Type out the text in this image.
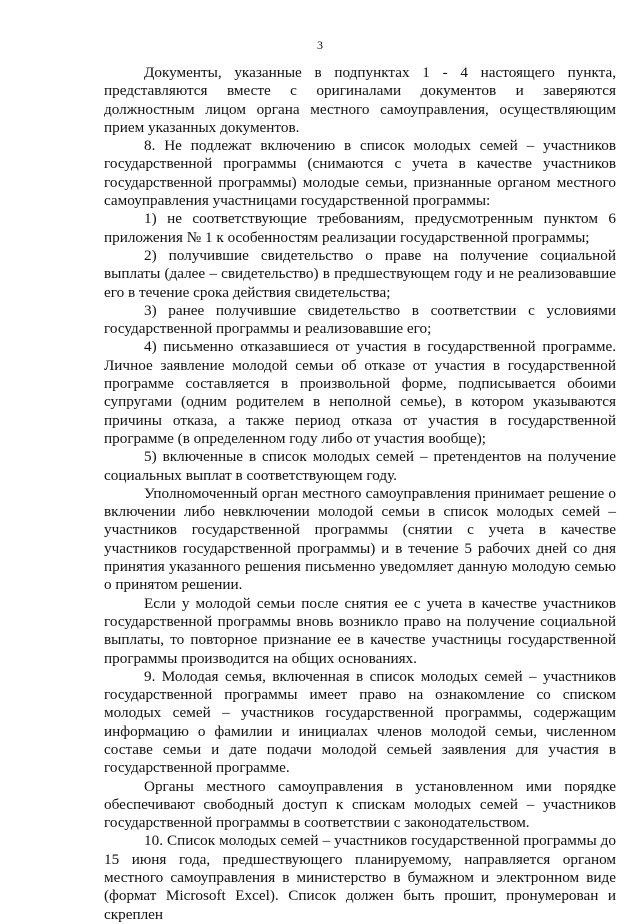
3

Документы, указанные в подпунктах 1 - 4 настоящего пункта, представляются вместе с оригиналами документов и заверяются должностным лицом органа местного самоуправления, осуществляющим прием указанных документов.

8. Не подлежат включению в список молодых семей – участников государственной программы (снимаются с учета в качестве участников государственной программы) молодые семьи, признанные органом местного самоуправления участницами государственной программы:

1) не соответствующие требованиям, предусмотренным пунктом 6 приложения № 1 к особенностям реализации государственной программы;

2) получившие свидетельство о праве на получение социальной выплаты (далее – свидетельство) в предшествующем году и не реализовавшие его в течение срока действия свидетельства;

3) ранее получившие свидетельство в соответствии с условиями государственной программы и реализовавшие его;

4) письменно отказавшиеся от участия в государственной программе. Личное заявление молодой семьи об отказе от участия в государственной программе составляется в произвольной форме, подписывается обоими супругами (одним родителем в неполной семье), в котором указываются причины отказа, а также период отказа от участия в государственной программе (в определенном году либо от участия вообще);

5) включенные в список молодых семей – претендентов на получение социальных выплат в соответствующем году.

Уполномоченный орган местного самоуправления принимает решение о включении либо невключении молодой семьи в список молодых семей – участников государственной программы (снятии с учета в качестве участников государственной программы) и в течение 5 рабочих дней со дня принятия указанного решения письменно уведомляет данную молодую семью о принятом решении.

Если у молодой семьи после снятия ее с учета в качестве участников государственной программы вновь возникло право на получение социальной выплаты, то повторное признание ее в качестве участницы государственной программы производится на общих основаниях.

9. Молодая семья, включенная в список молодых семей – участников государственной программы имеет право на ознакомление со списком молодых семей – участников государственной программы, содержащим информацию о фамилии и инициалах членов молодой семьи, численном составе семьи и дате подачи молодой семьей заявления для участия в государственной программе.

Органы местного самоуправления в установленном ими порядке обеспечивают свободный доступ к спискам молодых семей – участников государственной программы в соответствии с законодательством.

10. Список молодых семей – участников государственной программы до 15 июня года, предшествующего планируемому, направляется органом местного самоуправления в министерство в бумажном и электронном виде (формат Microsoft Excel). Список должен быть прошит, пронумерован и скреплен
